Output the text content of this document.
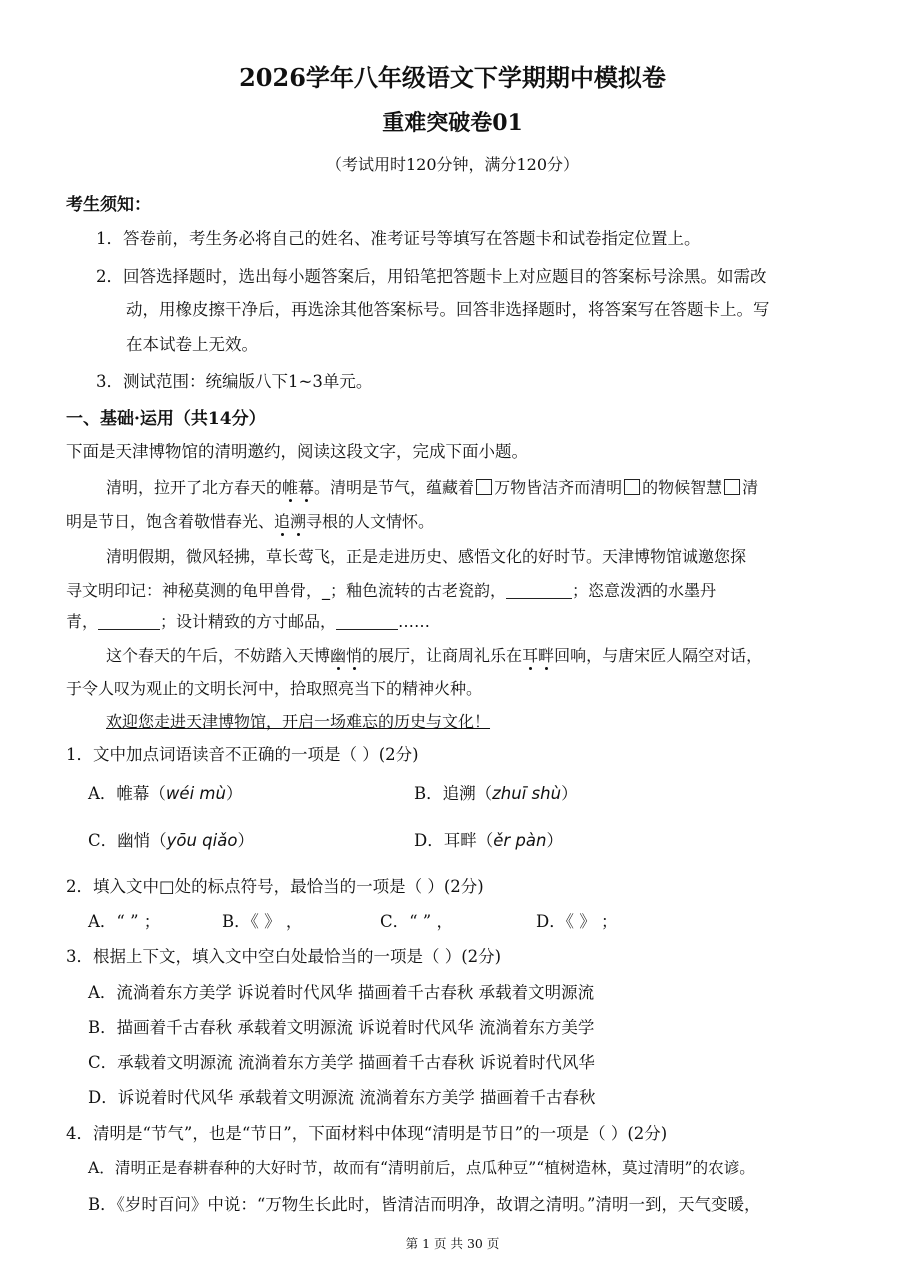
2026学年八年级语文下学期期中模拟卷
重难突破卷01
（考试用时120分钟，满分120分）
考生须知：
1．答卷前，考生务必将自己的姓名、准考证号等填写在答题卡和试卷指定位置上。
2．回答选择题时，选出每小题答案后，用铅笔把答题卡上对应题目的答案标号涂黑。如需改
动，用橡皮擦干净后，再选涂其他答案标号。回答非选择题时，将答案写在答题卡上。写
在本试卷上无效。
3．测试范围：统编版八下1~3单元。
一、基础·运用（共14分）
下面是天津博物馆的清明邀约，阅读这段文字，完成下面小题。
清明，拉开了北方春天的帷幕。清明是节气，蕴藏着 万物皆洁齐而清明 的物候智慧 清
明是节日，饱含着敬惜春光、追溯寻根的人文情怀。
清明假期，微风轻拂，草长莺飞，正是走进历史、感悟文化的好时节。天津博物馆诚邀您探
寻文明印记：神秘莫测的龟甲兽骨，_；釉色流转的古老瓷韵，	；恣意泼洒的水墨丹
青，	；设计精致的方寸邮品，	……
这个春天的午后，不妨踏入天博幽悄的展厅，让商周礼乐在耳畔回响，与唐宋匠人隔空对话，
于令人叹为观止的文明长河中，拾取照亮当下的精神火种。
欢迎您走进天津博物馆，开启一场难忘的历史与文化！
1．文中加点词语读音不正确的一项是（ ）(2分)
A．帷幕（wéi mù）	B．追溯（zhuī shù）
C．幽悄（yōu qiǎo）	D．耳畔（ěr pàn）
2．填入文中□处的标点符号，最恰当的一项是（ ）(2分)
A．“ ” ；	B．《 》 ，	C．“ ” ，	D．《 》 ；
3．根据上下文，填入文中空白处最恰当的一项是（ ）(2分)
A．流淌着东方美学 诉说着时代风华 描画着千古春秋 承载着文明源流
B．描画着千古春秋 承载着文明源流 诉说着时代风华 流淌着东方美学
C．承载着文明源流 流淌着东方美学 描画着千古春秋 诉说着时代风华
D．诉说着时代风华 承载着文明源流 流淌着东方美学 描画着千古春秋
4．清明是“节气”，也是“节日”，下面材料中体现“清明是节日”的一项是（ ）(2分)
A．清明正是春耕春种的大好时节，故而有“清明前后，点瓜种豆”“植树造林，莫过清明”的农谚。
B．《岁时百问》中说：“万物生长此时，皆清洁而明净，故谓之清明。”清明一到，天气变暖，
第 1 页 共 30 页
